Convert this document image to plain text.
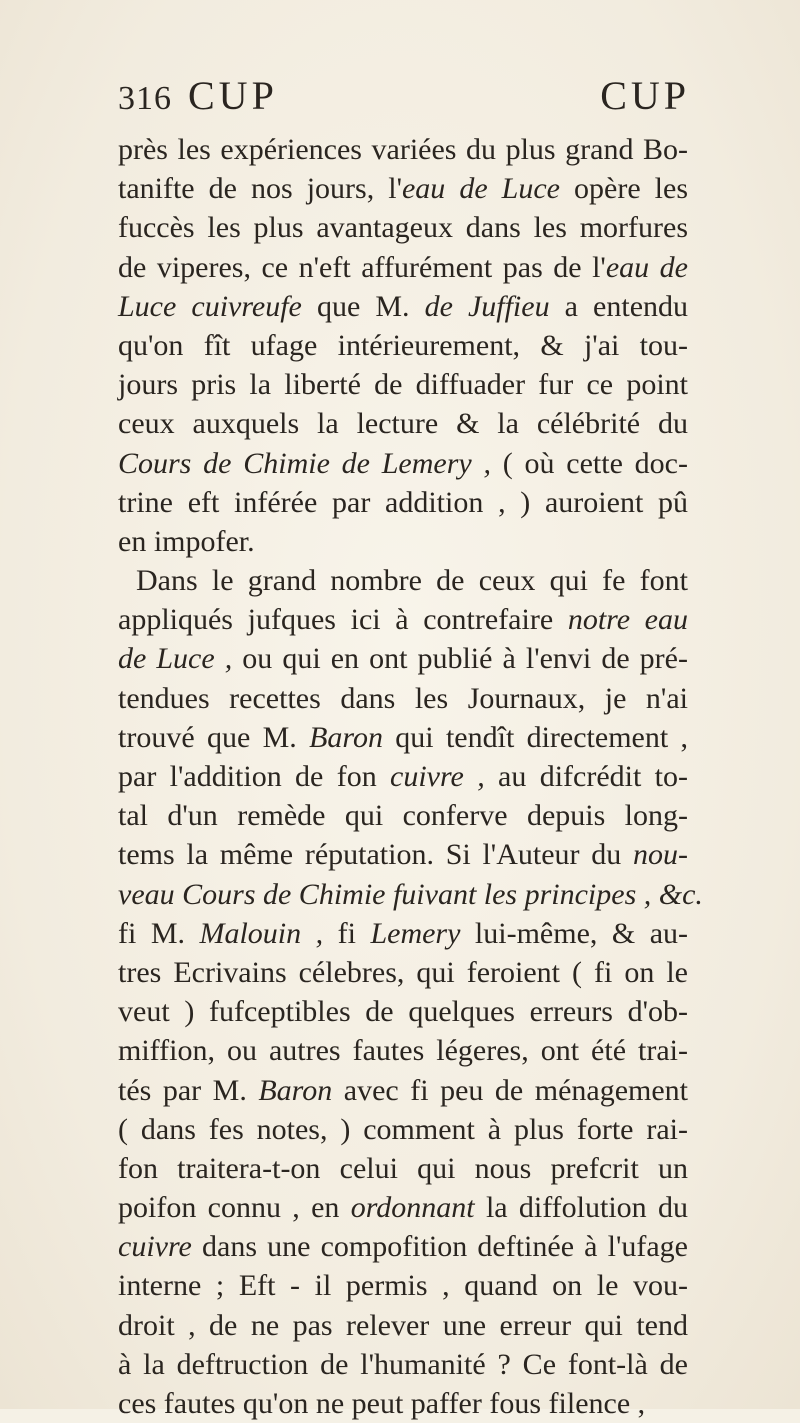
316 CUP	CUP
près les expériences variées du plus grand Bo-
tanifte de nos jours, l'eau de Luce opère les
fuccès les plus avantageux dans les morfures
de viperes, ce n'eft affurément pas de l'eau de
Luce cuivreufe que M. de Juffieu a entendu
qu'on fît ufage intérieurement, & j'ai tou-
jours pris la liberté de diffuader fur ce point
ceux auxquels la lecture & la célébrité du
Cours de Chimie de Lemery , ( où cette doc-
trine eft inférée par addition , ) auroient pû
en impofer.
Dans le grand nombre de ceux qui fe font
appliqués jufques ici à contrefaire notre eau
de Luce , ou qui en ont publié à l'envi de pré-
tendues recettes dans les Journaux, je n'ai
trouvé que M. Baron qui tendît directement ,
par l'addition de fon cuivre , au difcrédit to-
tal d'un remède qui conferve depuis long-
tems la même réputation. Si l'Auteur du nou-
veau Cours de Chimie fuivant les principes , &c.
fi M. Malouin , fi Lemery lui-même, & au-
tres Ecrivains célebres, qui feroient ( fi on le
veut ) fufceptibles de quelques erreurs d'ob-
miffion, ou autres fautes légeres, ont été trai-
tés par M. Baron avec fi peu de ménagement
( dans fes notes, ) comment à plus forte rai-
fon traitera-t-on celui qui nous prefcrit un
poifon connu , en ordonnant la diffolution du
cuivre dans une compofition deftinée à l'ufage
interne ; Eft - il permis , quand on le vou-
droit , de ne pas relever une erreur qui tend
à la deftruction de l'humanité ? Ce font-là de
ces fautes qu'on ne peut paffer fous filence ,
